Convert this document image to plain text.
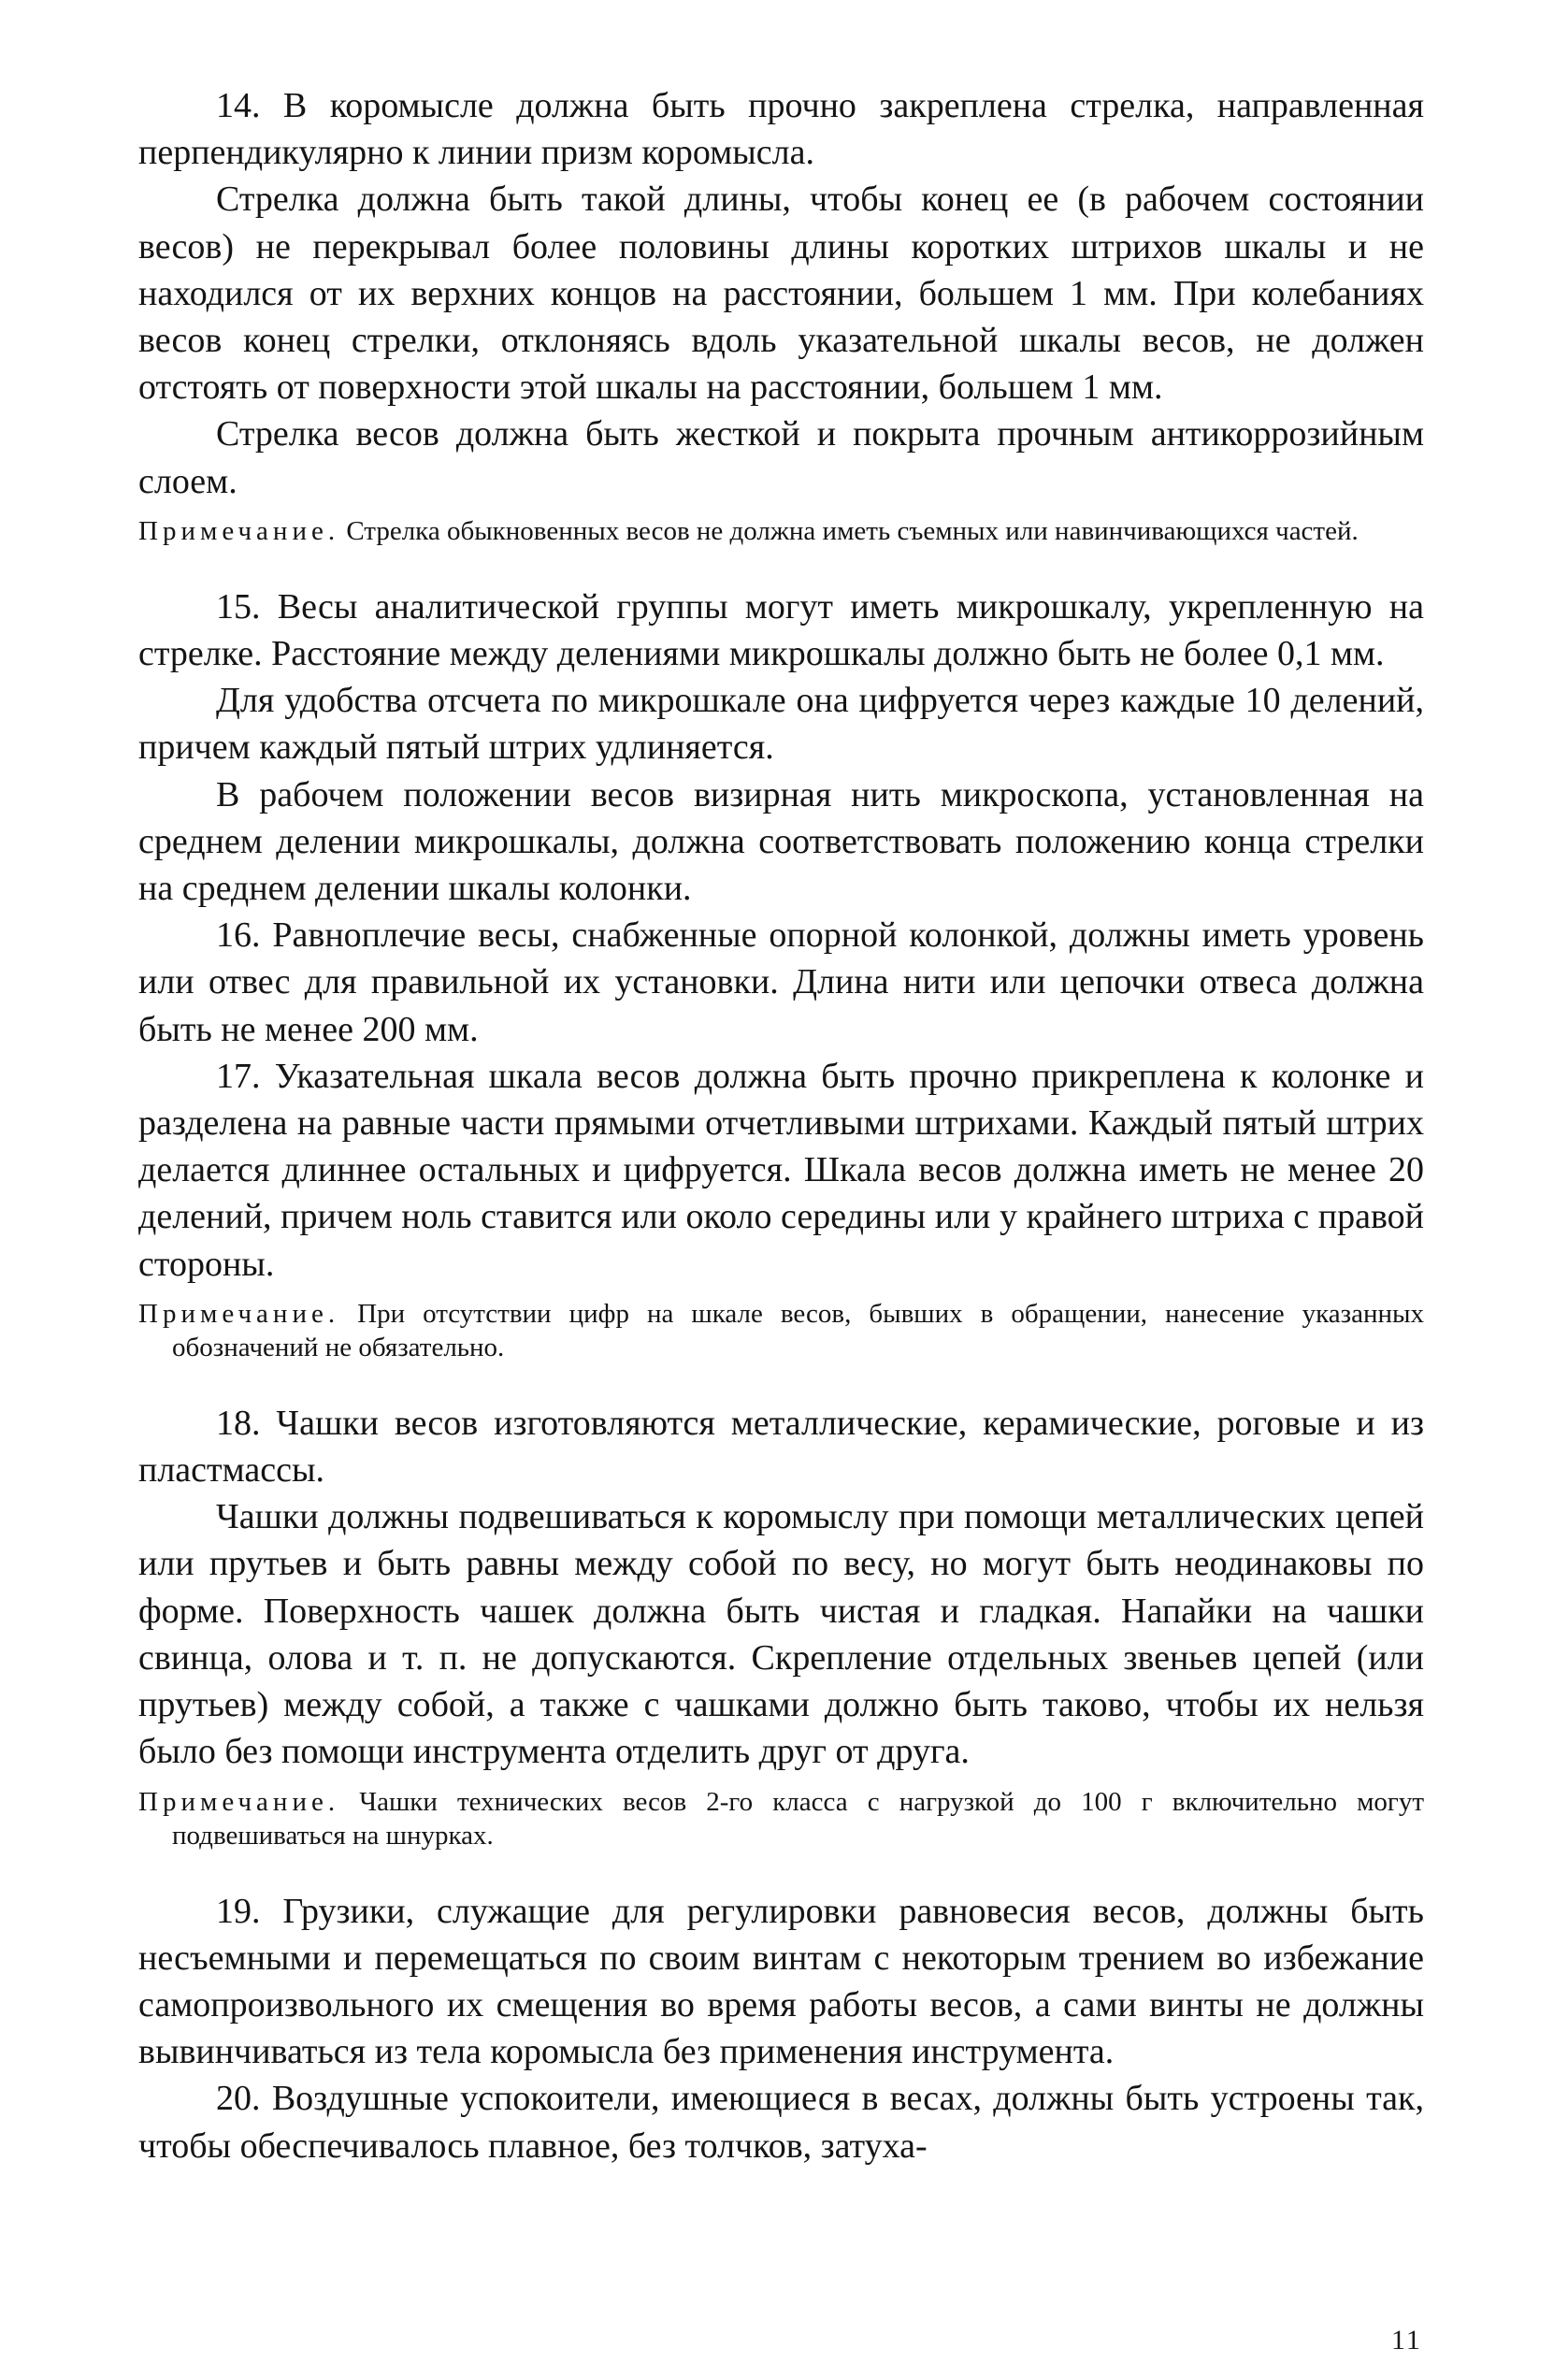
14. В коромысле должна быть прочно закреплена стрелка, направленная перпендикулярно к линии призм коромысла.

Стрелка должна быть такой длины, чтобы конец ее (в рабочем состоянии весов) не перекрывал более половины длины коротких штрихов шкалы и не находился от их верхних концов на расстоянии, большем 1 мм. При колебаниях весов конец стрелки, отклоняясь вдоль указательной шкалы весов, не должен отстоять от поверхности этой шкалы на расстоянии, большем 1 мм.

Стрелка весов должна быть жесткой и покрыта прочным антикоррозийным слоем.

Примечание. Стрелка обыкновенных весов не должна иметь съемных или навинчивающихся частей.

15. Весы аналитической группы могут иметь микрошкалу, укрепленную на стрелке. Расстояние между делениями микрошкалы должно быть не более 0,1 мм.

Для удобства отсчета по микрошкале она цифруется через каждые 10 делений, причем каждый пятый штрих удлиняется.

В рабочем положении весов визирная нить микроскопа, установленная на среднем делении микрошкалы, должна соответствовать положению конца стрелки на среднем делении шкалы колонки.

16. Равноплечие весы, снабженные опорной колонкой, должны иметь уровень или отвес для правильной их установки. Длина нити или цепочки отвеса должна быть не менее 200 мм.

17. Указательная шкала весов должна быть прочно прикреплена к колонке и разделена на равные части прямыми отчетливыми штрихами. Каждый пятый штрих делается длиннее остальных и цифруется. Шкала весов должна иметь не менее 20 делений, причем ноль ставится или около середины или у крайнего штриха с правой стороны.

Примечание. При отсутствии цифр на шкале весов, бывших в обращении, нанесение указанных обозначений не обязательно.

18. Чашки весов изготовляются металлические, керамические, роговые и из пластмассы.

Чашки должны подвешиваться к коромыслу при помощи металлических цепей или прутьев и быть равны между собой по весу, но могут быть неодинаковы по форме. Поверхность чашек должна быть чистая и гладкая. Напайки на чашки свинца, олова и т. п. не допускаются. Скрепление отдельных звеньев цепей (или прутьев) между собой, а также с чашками должно быть таково, чтобы их нельзя было без помощи инструмента отделить друг от друга.

Примечание. Чашки технических весов 2-го класса с нагрузкой до 100 г включительно могут подвешиваться на шнурках.

19. Грузики, служащие для регулировки равновесия весов, должны быть несъемными и перемещаться по своим винтам с некоторым трением во избежание самопроизвольного их смещения во время работы весов, а сами винты не должны вывинчиваться из тела коромысла без применения инструмента.

20. Воздушные успокоители, имеющиеся в весах, должны быть устроены так, чтобы обеспечивалось плавное, без толчков, затуха-

11
